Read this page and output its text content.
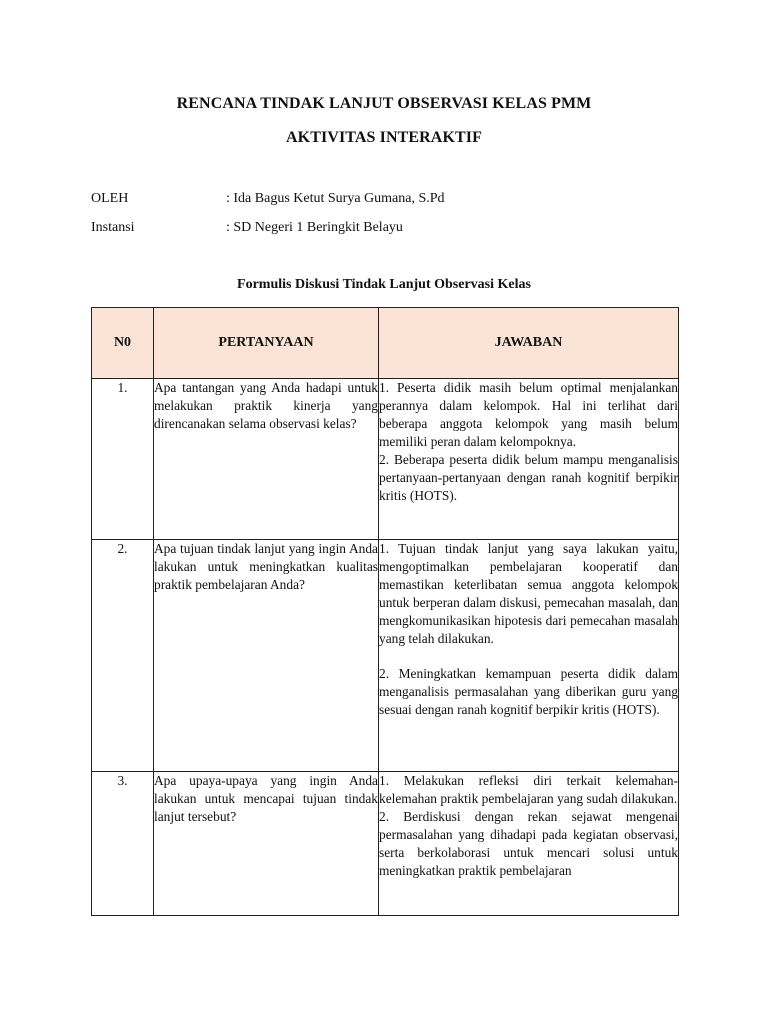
RENCANA TINDAK LANJUT OBSERVASI KELAS PMM
AKTIVITAS INTERAKTIF
OLEH	: Ida Bagus Ketut Surya Gumana, S.Pd
Instansi	: SD Negeri 1 Beringkit Belayu
Formulis Diskusi Tindak Lanjut Observasi Kelas
N0	PERTANYAAN	JAWABAN
1.	Apa tantangan yang Anda hadapi untuk melakukan praktik kinerja yang direncanakan selama observasi kelas?	1. Peserta didik masih belum optimal menjalankan perannya dalam kelompok. Hal ini terlihat dari beberapa anggota kelompok yang masih belum memiliki peran dalam kelompoknya.

2. Beberapa peserta didik belum mampu menganalisis pertanyaan-pertanyaan dengan ranah kognitif berpikir kritis (HOTS).

2.	Apa tujuan tindak lanjut yang ingin Anda lakukan untuk meningkatkan kualitas praktik pembelajaran Anda?	1. Tujuan tindak lanjut yang saya lakukan yaitu, mengoptimalkan pembelajaran kooperatif dan memastikan keterlibatan semua anggota kelompok untuk berperan dalam diskusi, pemecahan masalah, dan mengkomunikasikan hipotesis dari pemecahan masalah yang telah dilakukan.

2. Meningkatkan kemampuan peserta didik dalam menganalisis permasalahan yang diberikan guru yang sesuai dengan ranah kognitif berpikir kritis (HOTS).

3.	Apa upaya-upaya yang ingin Anda lakukan untuk mencapai tujuan tindak lanjut tersebut?	1. Melakukan refleksi diri terkait kelemahan-kelemahan praktik pembelajaran yang sudah dilakukan.

2. Berdiskusi dengan rekan sejawat mengenai permasalahan yang dihadapi pada kegiatan observasi, serta berkolaborasi untuk mencari solusi untuk meningkatkan praktik pembelajaran
